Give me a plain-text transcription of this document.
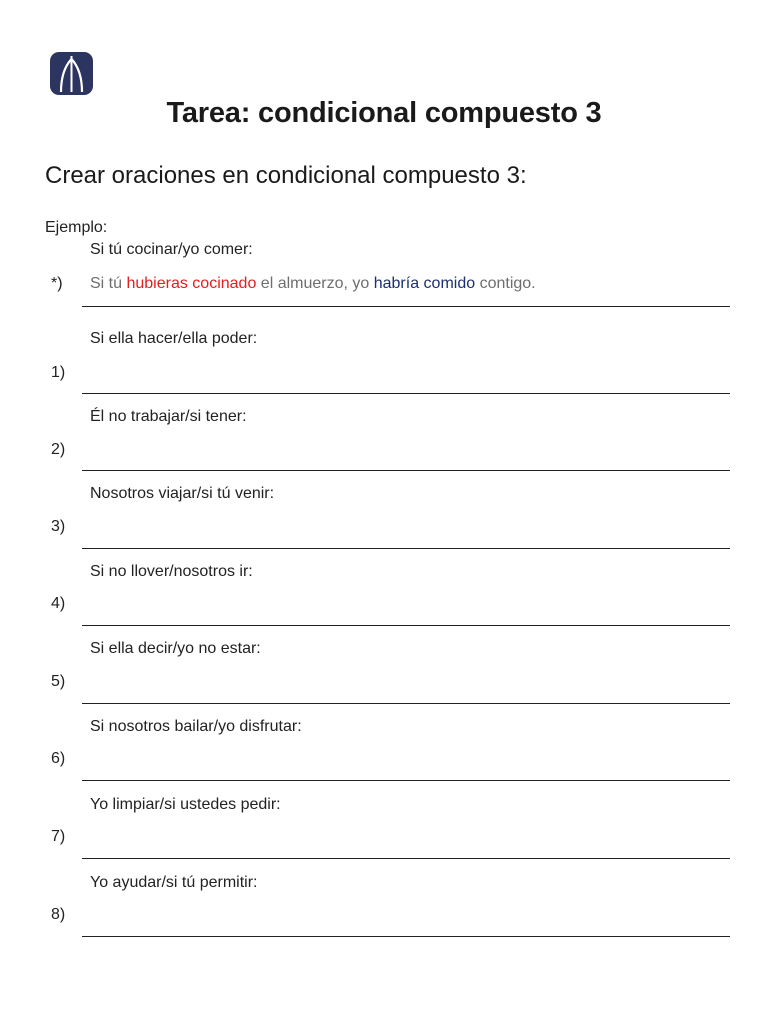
Tarea: condicional compuesto 3
Crear oraciones en condicional compuesto 3:
Ejemplo:
Si tú cocinar/yo comer:
*) Si tú hubieras cocinado el almuerzo, yo habría comido contigo.
Si ella hacer/ella poder:
1)
Él no trabajar/si tener:
2)
Nosotros viajar/si tú venir:
3)
Si no llover/nosotros ir:
4)
Si ella decir/yo no estar:
5)
Si nosotros bailar/yo disfrutar:
6)
Yo limpiar/si ustedes pedir:
7)
Yo ayudar/si tú permitir:
8)
